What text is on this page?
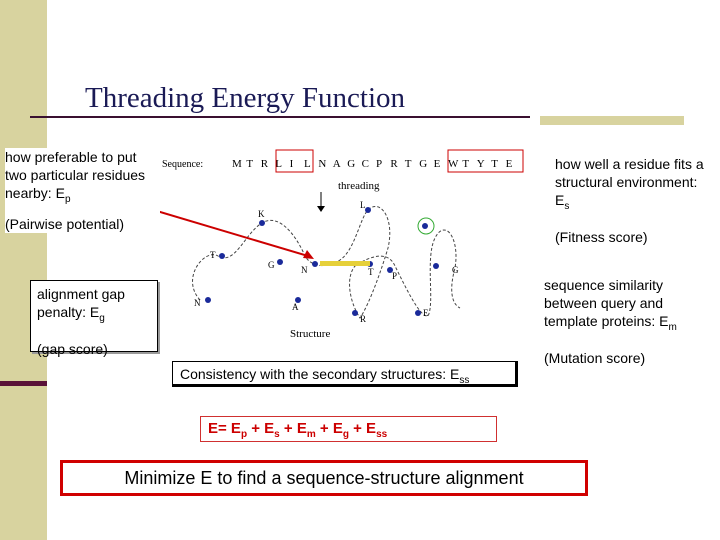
Threading Energy Function
Sequence:	M T R L I L N A G C P R T G E W T Y T E
threading
K
L
T
G
N	T P
G
N	A
R
E
Structure
how preferable to put two particular residues nearby: $E_p$
(Pairwise potential)
how well a residue fits a structural environment: $E_s$
(Fitness score)
alignment gap penalty: $E_g$
(gap score)
sequence similarity between query and template proteins: $E_m$
(Mutation score)
Consistency with the secondary structures: $E_{ss}$
$E= E_p + E_s + E_m + E_g + E_{ss}$
Minimize E to find a sequence-structure alignment
